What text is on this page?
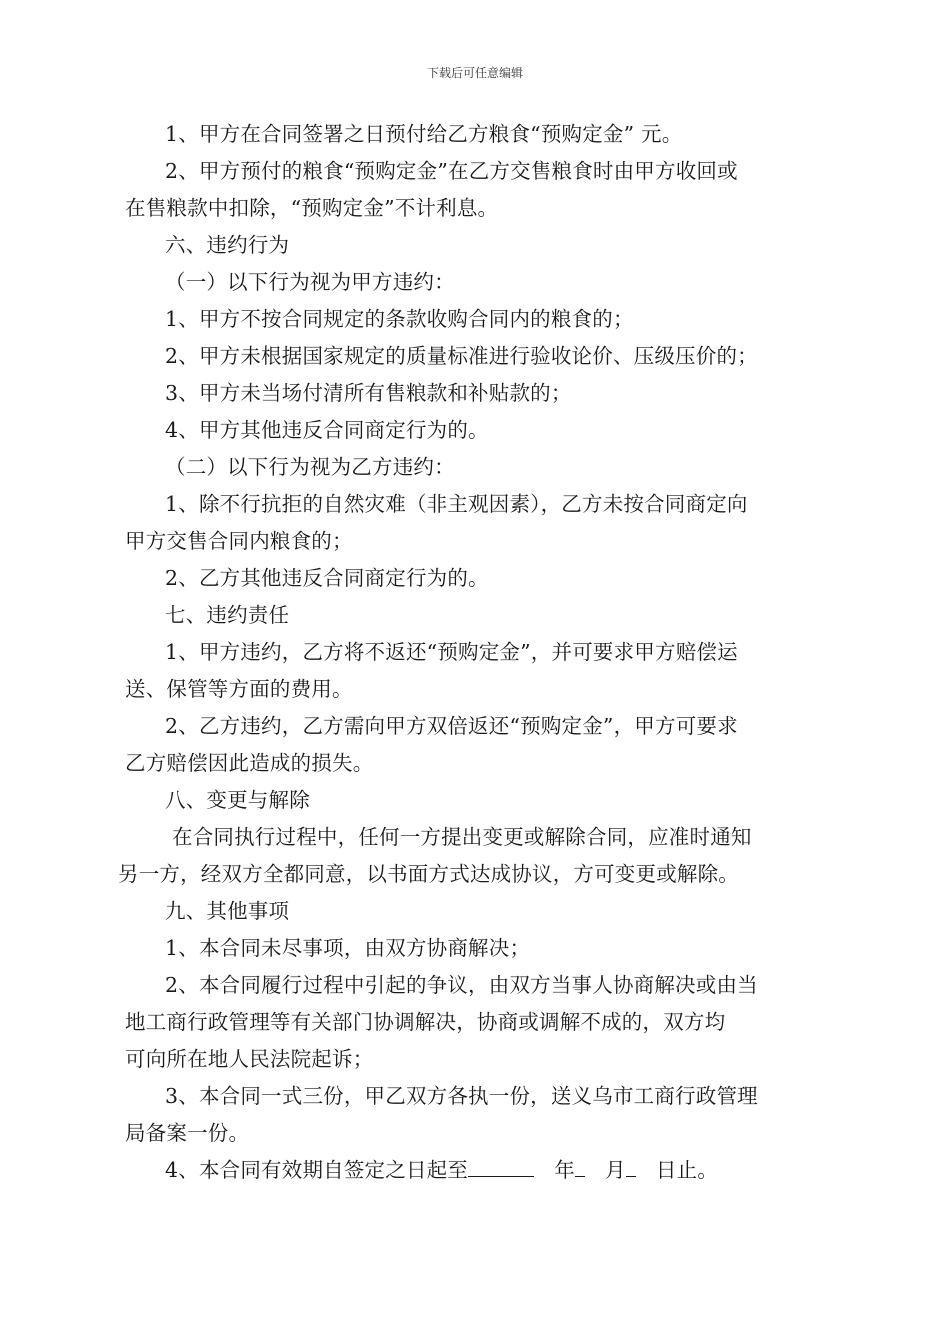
下载后可任意编辑

1、甲方在合同签署之日预付给乙方粮食“预购定金” 元。

2、甲方预付的粮食“预购定金”在乙方交售粮食时由甲方收回或
在售粮款中扣除，“预购定金”不计利息。

六、违约行为

（一）以下行为视为甲方违约：

1、甲方不按合同规定的条款收购合同内的粮食的；

2、甲方未根据国家规定的质量标准进行验收论价、压级压价的；

3、甲方未当场付清所有售粮款和补贴款的；

4、甲方其他违反合同商定行为的。

（二）以下行为视为乙方违约：

1、除不行抗拒的自然灾难（非主观因素），乙方未按合同商定向
甲方交售合同内粮食的；

2、乙方其他违反合同商定行为的。

七、违约责任

1、甲方违约，乙方将不返还“预购定金”，并可要求甲方赔偿运
送、保管等方面的费用。

2、乙方违约，乙方需向甲方双倍返还“预购定金”，甲方可要求
乙方赔偿因此造成的损失。

八、变更与解除

在合同执行过程中，任何一方提出变更或解除合同，应准时通知
另一方，经双方全都同意，以书面方式达成协议，方可变更或解除。

九、其他事项

1、本合同未尽事项，由双方协商解决；

2、本合同履行过程中引起的争议，由双方当事人协商解决或由当
地工商行政管理等有关部门协调解决，协商或调解不成的，双方均
可向所在地人民法院起诉；

3、本合同一式三份，甲乙双方各执一份，送义乌市工商行政管理
局备案一份。

4、本合同有效期自签定之日起至	年 月 日止。
